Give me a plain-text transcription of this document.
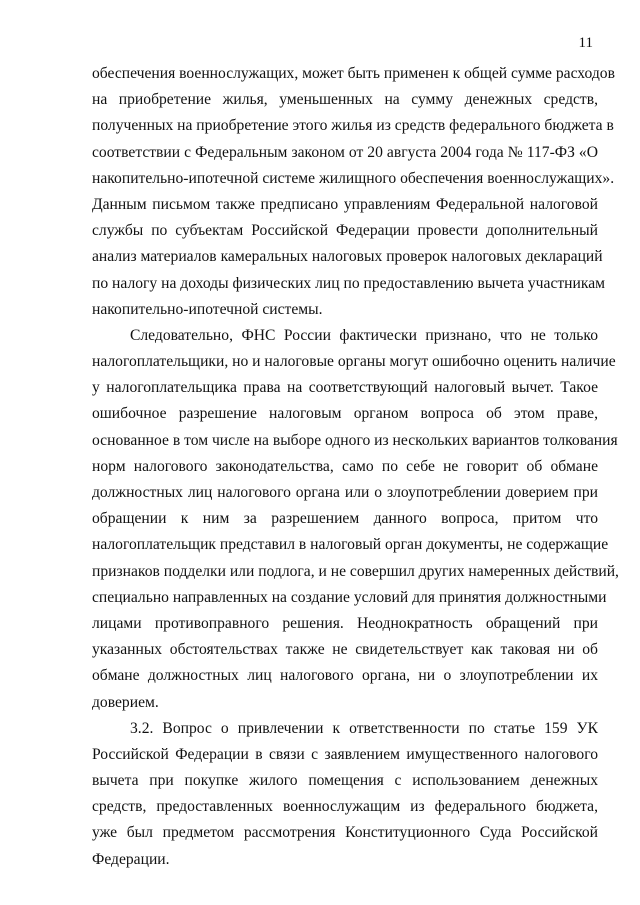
11
обеспечения военнослужащих, может быть применен к общей сумме расходов
на приобретение жилья, уменьшенных на сумму денежных средств,
полученных на приобретение этого жилья из средств федерального бюджета в
соответствии с Федеральным законом от 20 августа 2004 года № 117-ФЗ «О
накопительно-ипотечной системе жилищного обеспечения военнослужащих».
Данным письмом также предписано управлениям Федеральной налоговой
службы по субъектам Российской Федерации провести дополнительный
анализ материалов камеральных налоговых проверок налоговых деклараций
по налогу на доходы физических лиц по предоставлению вычета участникам
накопительно-ипотечной системы.
Следовательно, ФНС России фактически признано, что не только
налогоплательщики, но и налоговые органы могут ошибочно оценить наличие
у налогоплательщика права на соответствующий налоговый вычет. Такое
ошибочное разрешение налоговым органом вопроса об этом праве,
основанное в том числе на выборе одного из нескольких вариантов толкования
норм налогового законодательства, само по себе не говорит об обмане
должностных лиц налогового органа или о злоупотреблении доверием при
обращении к ним за разрешением данного вопроса, притом что
налогоплательщик представил в налоговый орган документы, не содержащие
признаков подделки или подлога, и не совершил других намеренных действий,
специально направленных на создание условий для принятия должностными
лицами противоправного решения. Неоднократность обращений при
указанных обстоятельствах также не свидетельствует как таковая ни об
обмане должностных лиц налогового органа, ни о злоупотреблении их
доверием.
3.2. Вопрос о привлечении к ответственности по статье 159 УК
Российской Федерации в связи с заявлением имущественного налогового
вычета при покупке жилого помещения с использованием денежных
средств, предоставленных военнослужащим из федерального бюджета,
уже был предметом рассмотрения Конституционного Суда Российской
Федерации.
